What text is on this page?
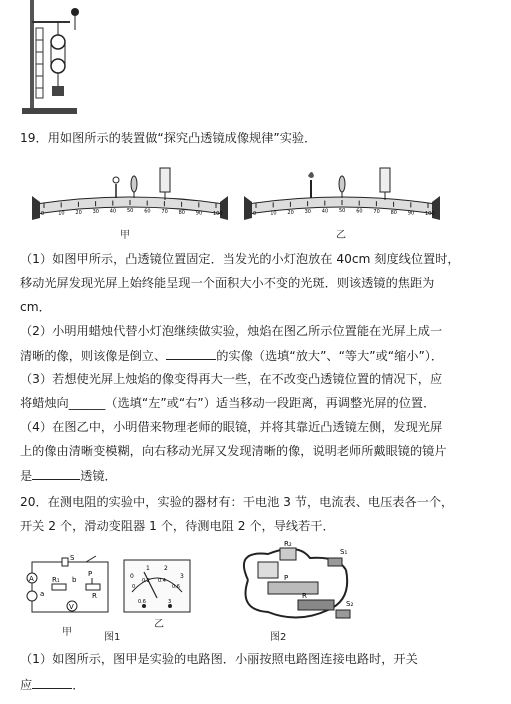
19．用如图所示的装置做“探究凸透镜成像规律”实验．
0	10 20 30 40 50 60 70 80 90 100
甲
0	10 20 30 40 50 60 70 80 90 100
乙
（1）如图甲所示，凸透镜位置固定．当发光的小灯泡放在 40cm 刻度线位置时，
移动光屏发现光屏上始终能呈现一个面积大小不变的光斑．则该透镜的焦距为
cm．
（2）小明用蜡烛代替小灯泡继续做实验，烛焰在图乙所示位置能在光屏上成一
清晰的像，则该像是倒立、	的实像（选填“放大”、“等大”或“缩小”）．
（3）若想使光屏上烛焰的像变得再大一些，在不改变凸透镜位置的情况下，应
将蜡烛向______（选填“左”或“右”）适当移动一段距离，再调整光屏的位置．
（4）在图乙中，小明借来物理老师的眼镜，并将其靠近凸透镜左侧，发现光屏
上的像由清晰变模糊，向右移动光屏又发现清晰的像，说明老师所戴眼镜的镜片
是	透镜．
20．在测电阻的实验中，实验的器材有：干电池 3 节，电流表、电压表各一个，
开关 2 个，滑动变阻器 1 个，待测电阻 2 个，导线若干．
A
V
S
R₁ b
P
a	R
甲
0
1 2
3
0
0.2 0.4
0.6
0.6	3
乙
图1
R₂
S₁
P
R
S₂
图2
（1）如图所示，图甲是实验的电路图．小丽按照电路图连接电路时，开关
应	．
